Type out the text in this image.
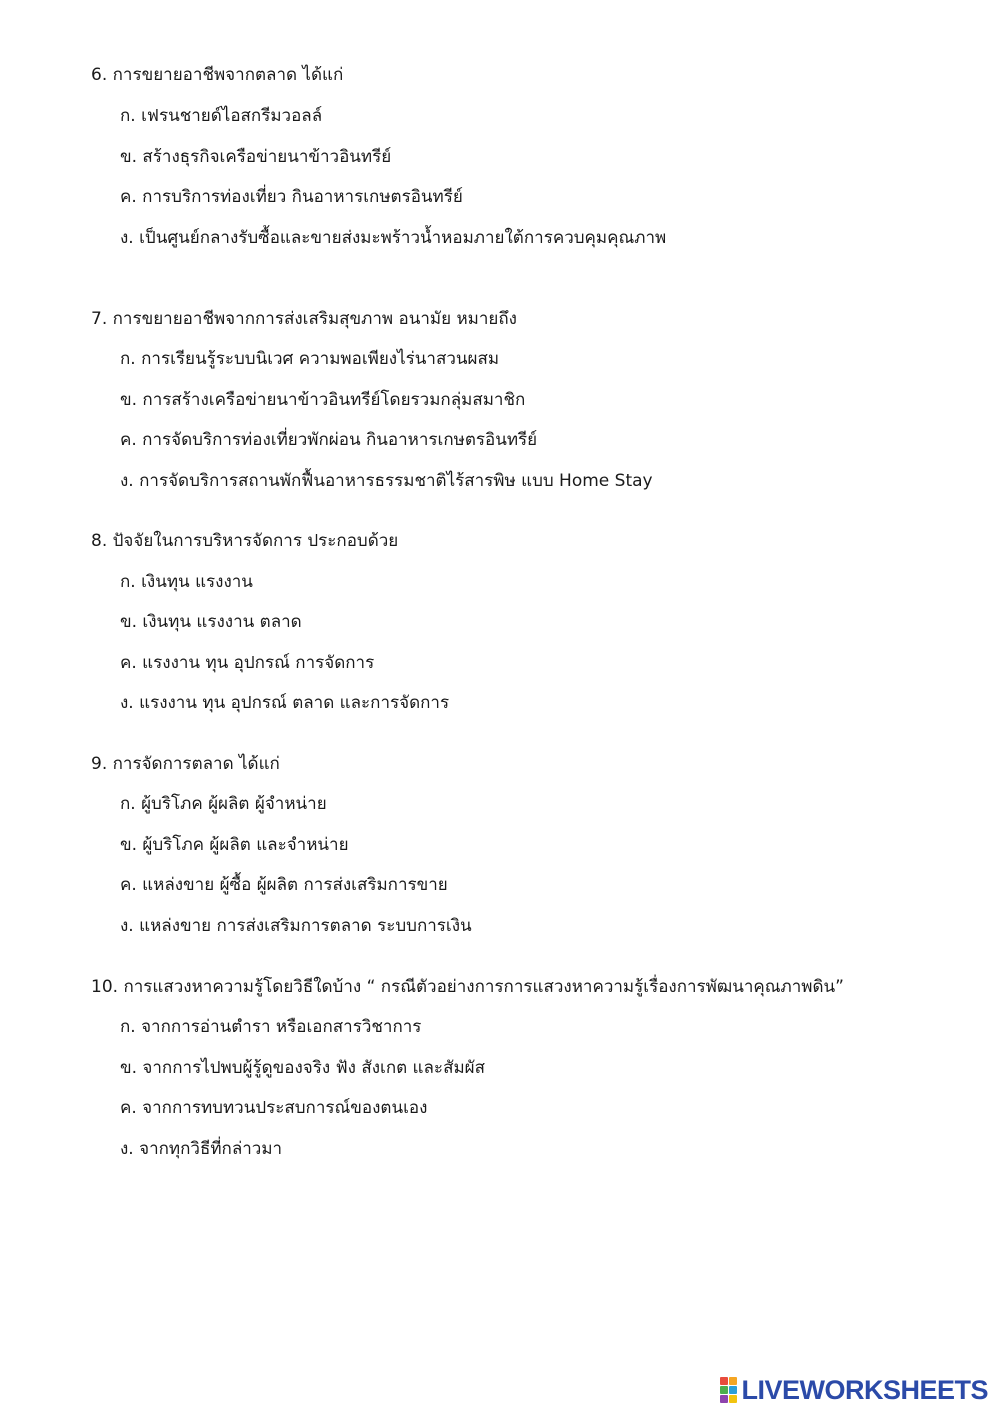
6. การขยายอาชีพจากตลาด ได้แก่

ก. เฟรนชายด์ไอสกรีมวอลล์

ข. สร้างธุรกิจเครือข่ายนาข้าวอินทรีย์

ค. การบริการท่องเที่ยว กินอาหารเกษตรอินทรีย์

ง. เป็นศูนย์กลางรับซื้อและขายส่งมะพร้าวน้ำหอมภายใต้การควบคุมคุณภาพ

7. การขยายอาชีพจากการส่งเสริมสุขภาพ อนามัย หมายถึง

ก. การเรียนรู้ระบบนิเวศ ความพอเพียงไร่นาสวนผสม

ข. การสร้างเครือข่ายนาข้าวอินทรีย์โดยรวมกลุ่มสมาชิก

ค. การจัดบริการท่องเที่ยวพักผ่อน กินอาหารเกษตรอินทรีย์

ง. การจัดบริการสถานพักฟื้นอาหารธรรมชาติไร้สารพิษ แบบ Home Stay

8. ปัจจัยในการบริหารจัดการ ประกอบด้วย

ก. เงินทุน แรงงาน

ข. เงินทุน แรงงาน ตลาด

ค. แรงงาน ทุน อุปกรณ์ การจัดการ

ง. แรงงาน ทุน อุปกรณ์ ตลาด และการจัดการ

9. การจัดการตลาด ได้แก่

ก. ผู้บริโภค ผู้ผลิต ผู้จำหน่าย

ข. ผู้บริโภค ผู้ผลิต และจำหน่าย

ค. แหล่งขาย ผู้ซื้อ ผู้ผลิต การส่งเสริมการขาย

ง. แหล่งขาย การส่งเสริมการตลาด ระบบการเงิน

10. การแสวงหาความรู้โดยวิธีใดบ้าง “ กรณีตัวอย่างการการแสวงหาความรู้เรื่องการพัฒนาคุณภาพดิน”

ก. จากการอ่านตำรา หรือเอกสารวิชาการ

ข. จากการไปพบผู้รู้ดูของจริง ฟัง สังเกต และสัมผัส

ค. จากการทบทวนประสบการณ์ของตนเอง

ง. จากทุกวิธีที่กล่าวมา

LIVEWORKSHEETS
